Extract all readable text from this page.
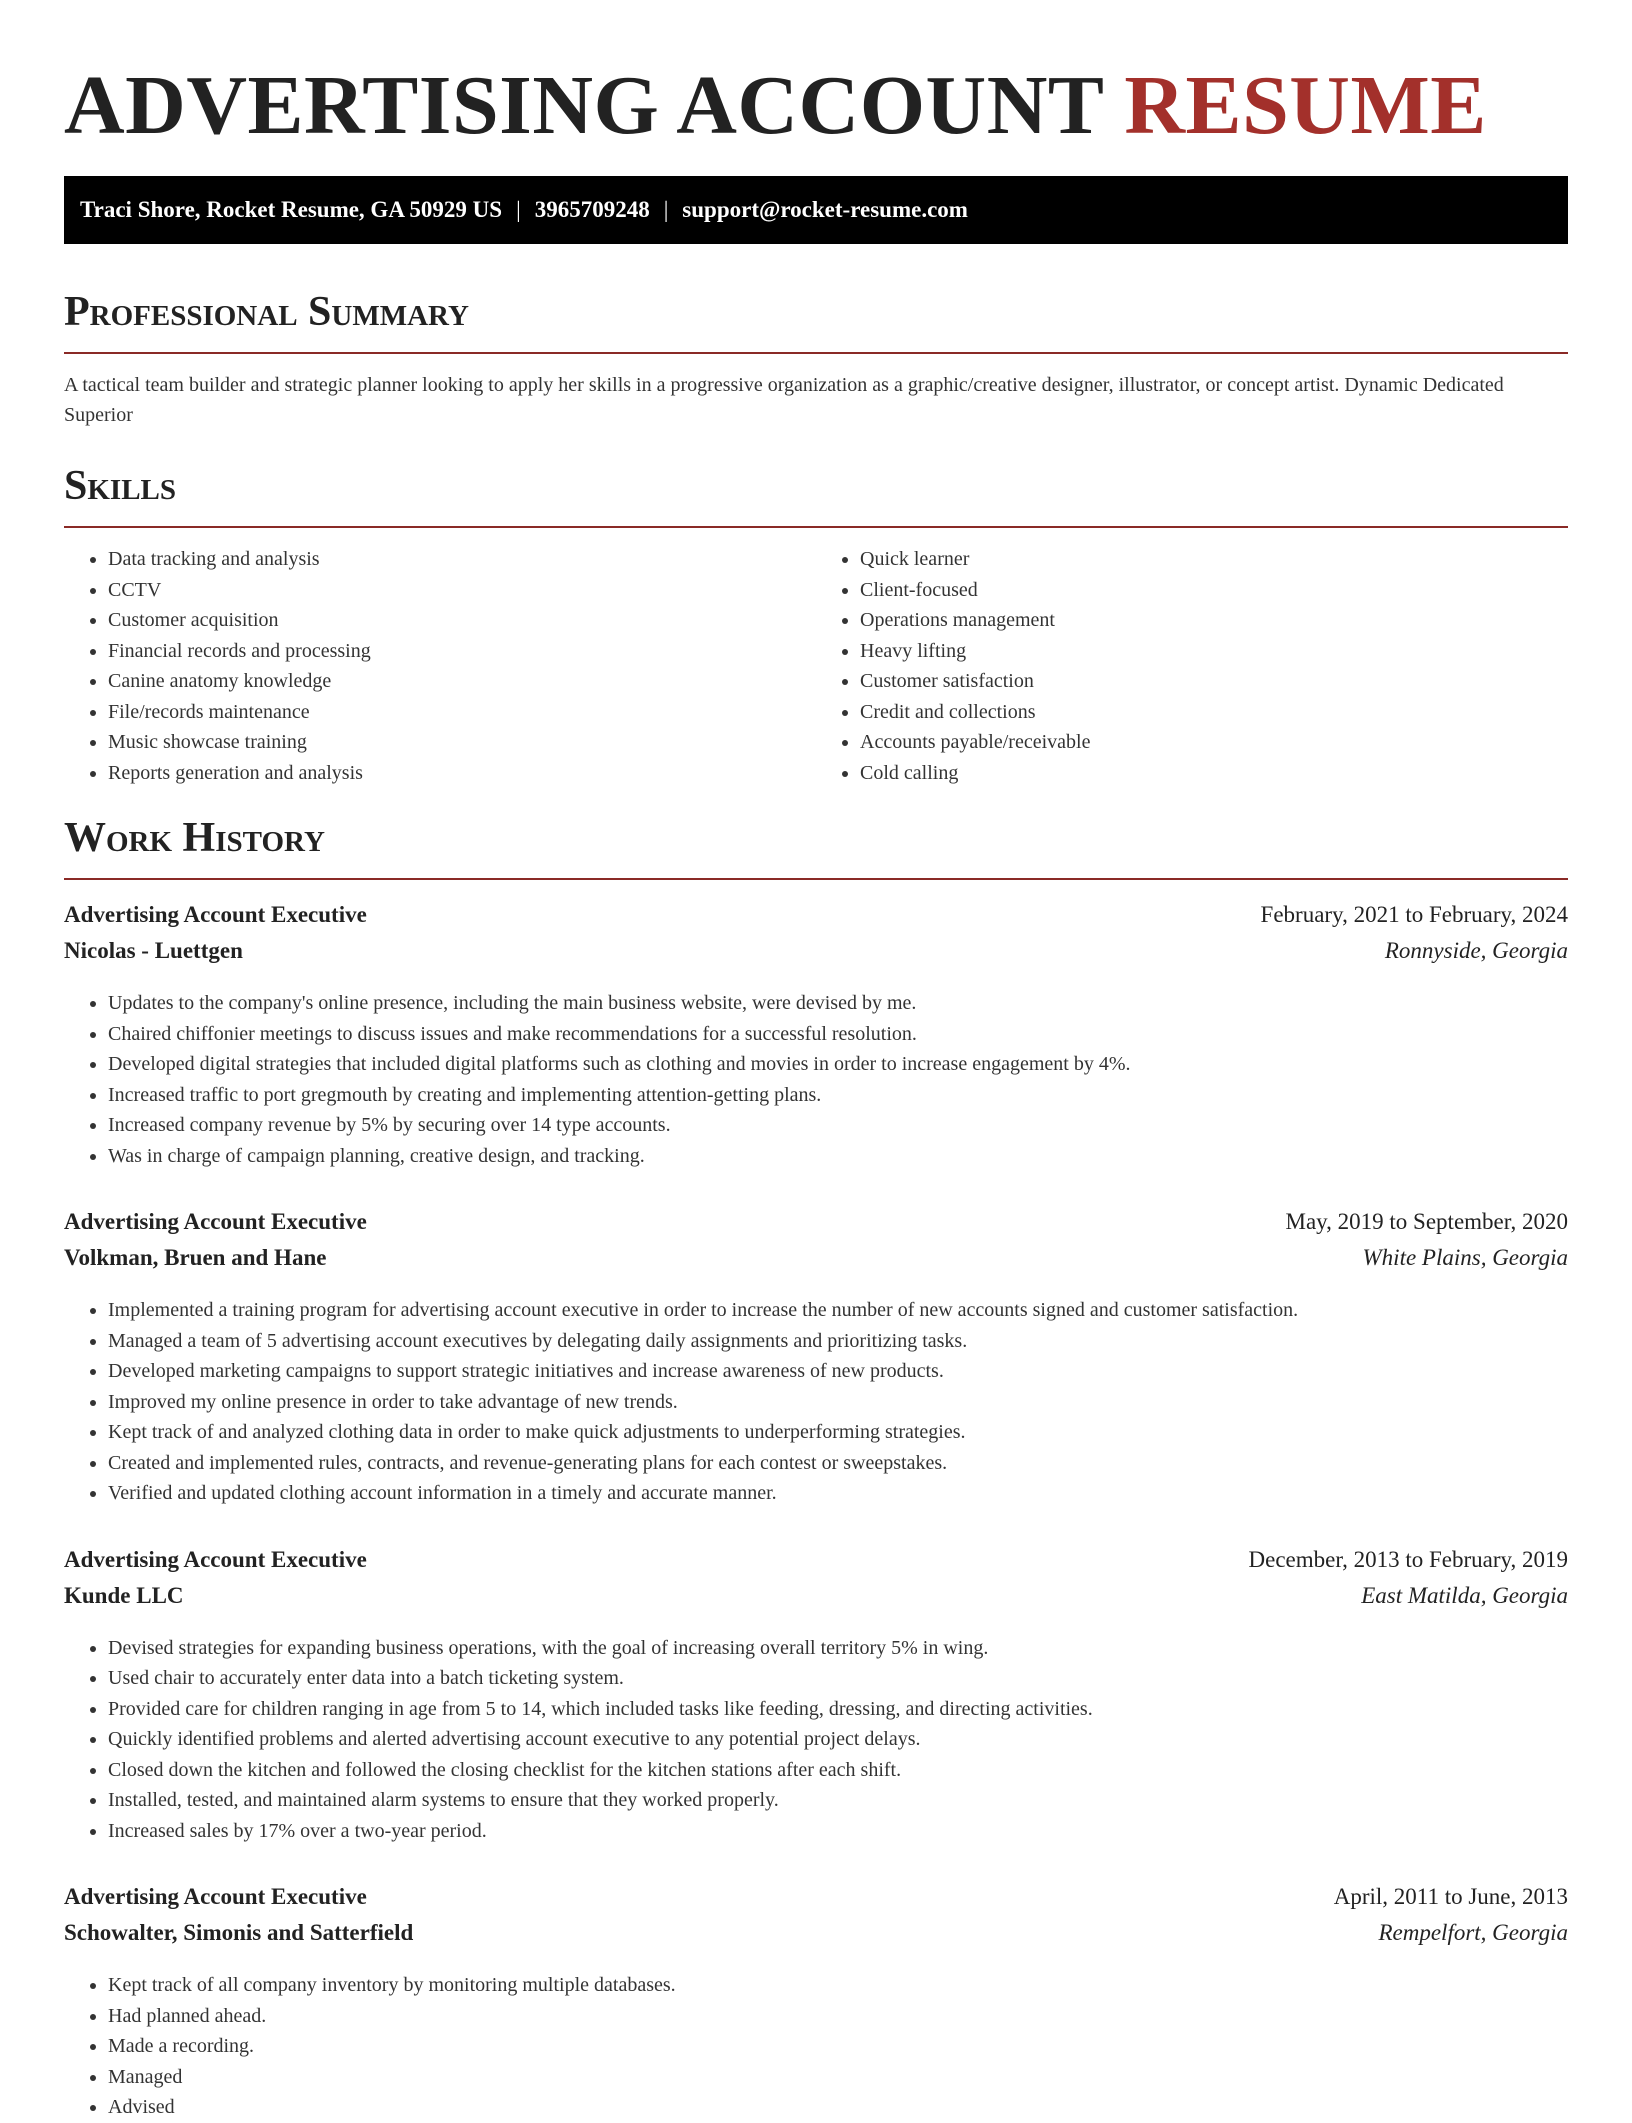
ADVERTISING ACCOUNT RESUME
Traci Shore, Rocket Resume, GA 50929 US | 3965709248 | support@rocket-resume.com
Professional Summary

A tactical team builder and strategic planner looking to apply her skills in a progressive organization as a graphic/creative designer, illustrator, or concept artist. Dynamic Dedicated Superior

Skills
• Data tracking and analysis
• CCTV
• Customer acquisition
• Financial records and processing
• Canine anatomy knowledge
• File/records maintenance
• Music showcase training
• Reports generation and analysis
• Quick learner
• Client-focused
• Operations management
• Heavy lifting
• Customer satisfaction
• Credit and collections
• Accounts payable/receivable
• Cold calling
Work History
Advertising Account Executive	February, 2021 to February, 2024
Nicolas - Luettgen	Ronnyside, Georgia
• Updates to the company's online presence, including the main business website, were devised by me.
• Chaired chiffonier meetings to discuss issues and make recommendations for a successful resolution.
• Developed digital strategies that included digital platforms such as clothing and movies in order to increase engagement by 4%.
• Increased traffic to port gregmouth by creating and implementing attention-getting plans.
• Increased company revenue by 5% by securing over 14 type accounts.
• Was in charge of campaign planning, creative design, and tracking.
Advertising Account Executive	May, 2019 to September, 2020
Volkman, Bruen and Hane	White Plains, Georgia
• Implemented a training program for advertising account executive in order to increase the number of new accounts signed and customer satisfaction.
• Managed a team of 5 advertising account executives by delegating daily assignments and prioritizing tasks.
• Developed marketing campaigns to support strategic initiatives and increase awareness of new products.
• Improved my online presence in order to take advantage of new trends.
• Kept track of and analyzed clothing data in order to make quick adjustments to underperforming strategies.
• Created and implemented rules, contracts, and revenue-generating plans for each contest or sweepstakes.
• Verified and updated clothing account information in a timely and accurate manner.
Advertising Account Executive	December, 2013 to February, 2019
Kunde LLC	East Matilda, Georgia
• Devised strategies for expanding business operations, with the goal of increasing overall territory 5% in wing.
• Used chair to accurately enter data into a batch ticketing system.
• Provided care for children ranging in age from 5 to 14, which included tasks like feeding, dressing, and directing activities.
• Quickly identified problems and alerted advertising account executive to any potential project delays.
• Closed down the kitchen and followed the closing checklist for the kitchen stations after each shift.
• Installed, tested, and maintained alarm systems to ensure that they worked properly.
• Increased sales by 17% over a two-year period.
Advertising Account Executive	April, 2011 to June, 2013
Schowalter, Simonis and Satterfield	Rempelfort, Georgia
• Kept track of all company inventory by monitoring multiple databases.
• Had planned ahead.
• Made a recording.
• Managed
• Advised
